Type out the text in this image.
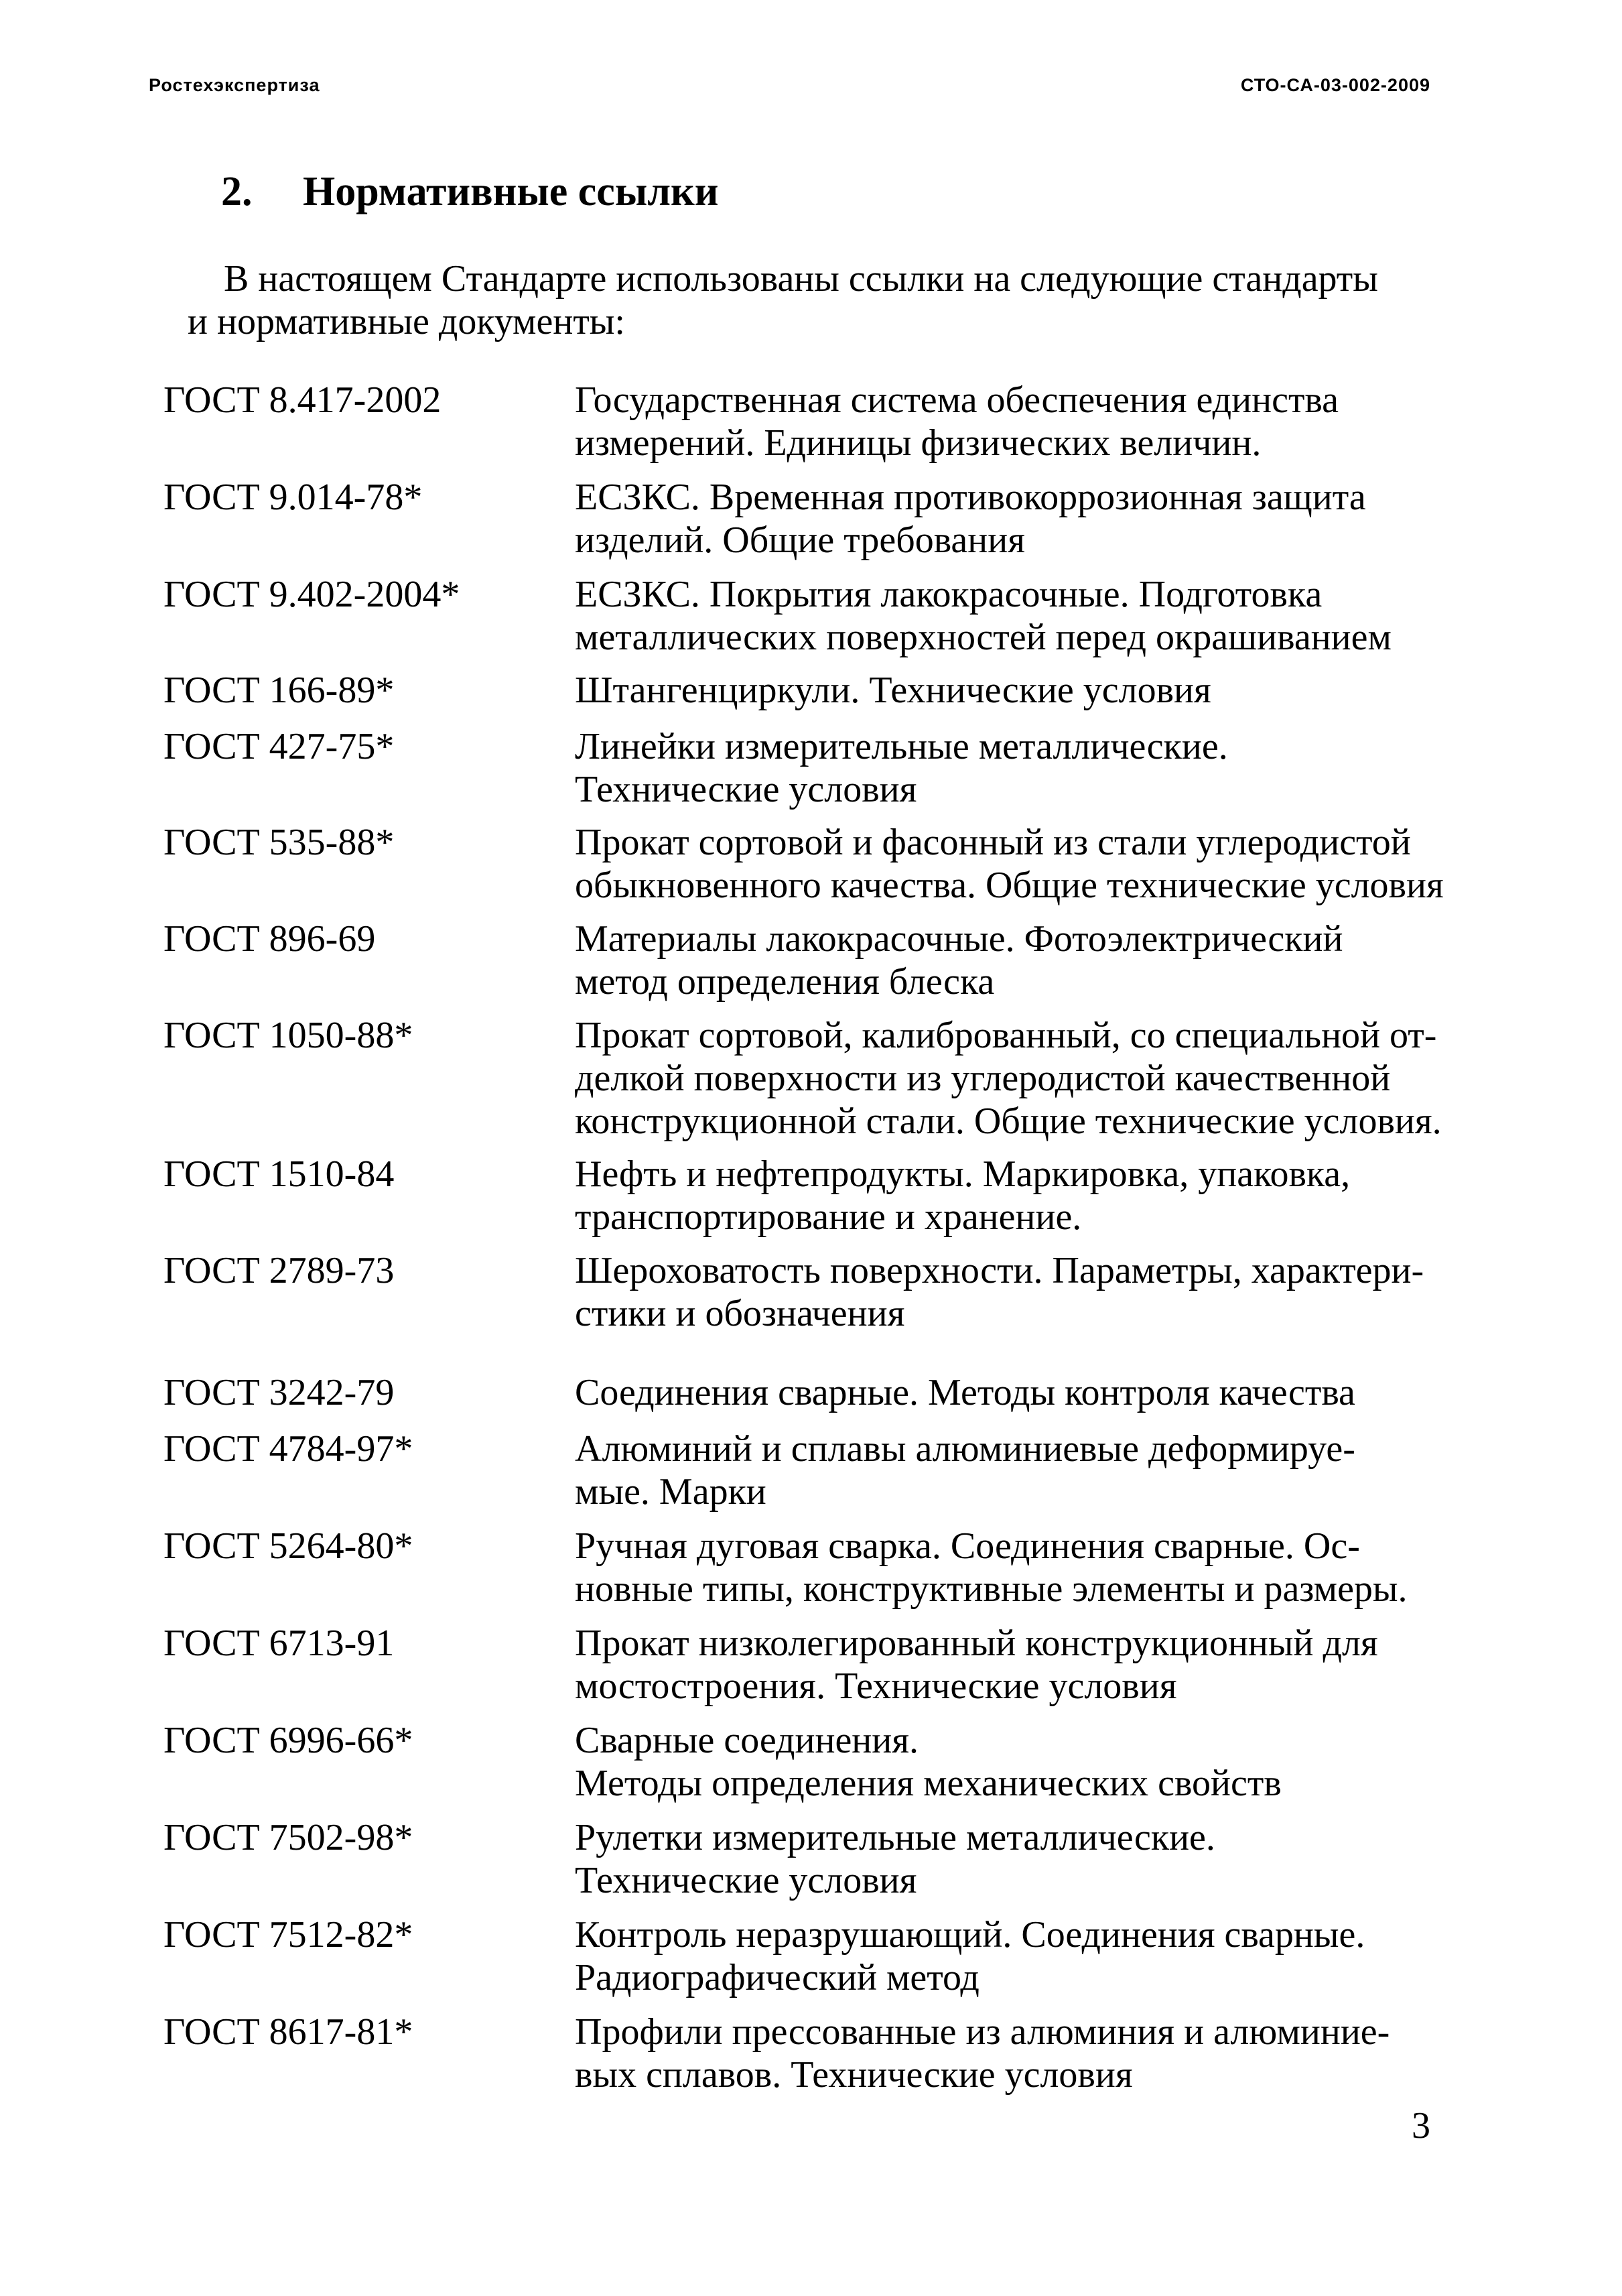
Ростехэкспертиза	СТО-СА-03-002-2009
2. Нормативные ссылки

В настоящем Стандарте использованы ссылки на следующие стандарты
и нормативные документы:

ГОСТ 8.417-2002	Государственная система обеспечения единства
измерений. Единицы физических величин.
ГОСТ 9.014-78*	ЕСЗКС. Временная противокоррозионная защита
изделий. Общие требования
ГОСТ 9.402-2004*	ЕСЗКС. Покрытия лакокрасочные. Подготовка
металлических поверхностей перед окрашиванием
ГОСТ 166-89*	Штангенциркули. Технические условия
ГОСТ 427-75*	Линейки измерительные металлические.
Технические условия
ГОСТ 535-88*	Прокат сортовой и фасонный из стали углеродистой
обыкновенного качества. Общие технические условия
ГОСТ 896-69	Материалы лакокрасочные. Фотоэлектрический
метод определения блеска
ГОСТ 1050-88*	Прокат сортовой, калиброванный, со специальной от-
делкой поверхности из углеродистой качественной
конструкционной стали. Общие технические условия.
ГОСТ 1510-84	Нефть и нефтепродукты. Маркировка, упаковка,
транспортирование и хранение.
ГОСТ 2789-73	Шероховатость поверхности. Параметры, характери-
стики и обозначения
ГОСТ 3242-79	Соединения сварные. Методы контроля качества
ГОСТ 4784-97*	Алюминий и сплавы алюминиевые деформируе-
мые. Марки
ГОСТ 5264-80*	Ручная дуговая сварка. Соединения сварные. Ос-
новные типы, конструктивные элементы и размеры.
ГОСТ 6713-91	Прокат низколегированный конструкционный для
мостостроения. Технические условия
ГОСТ 6996-66*	Сварные соединения.
Методы определения механических свойств
ГОСТ 7502-98*	Рулетки измерительные металлические.
Технические условия
ГОСТ 7512-82*	Контроль неразрушающий. Соединения сварные.
Радиографический метод
ГОСТ 8617-81*	Профили прессованные из алюминия и алюминие-
вых сплавов. Технические условия
3
